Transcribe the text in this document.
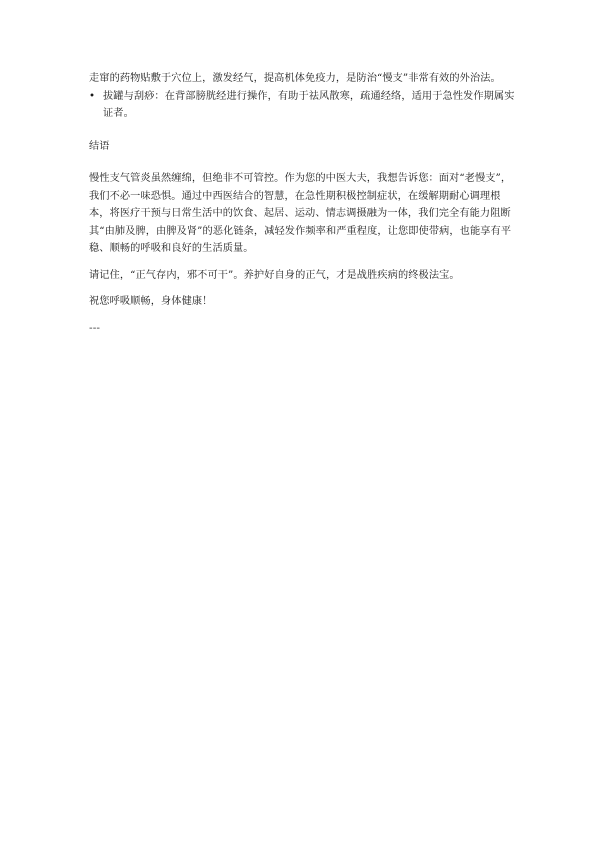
走窜的药物贴敷于穴位上，激发经气，提高机体免疫力，是防治“慢支”非常有效的外治法。

• 拔罐与刮痧：在背部膀胱经进行操作，有助于祛风散寒，疏通经络，适用于急性发作期属实证者。

结语

慢性支气管炎虽然缠绵，但绝非不可管控。作为您的中医大夫，我想告诉您：面对“老慢支”，我们不必一味恐惧。通过中西医结合的智慧，在急性期积极控制症状，在缓解期耐心调理根本，将医疗干预与日常生活中的饮食、起居、运动、情志调摄融为一体，我们完全有能力阻断其“由肺及脾，由脾及肾”的恶化链条，减轻发作频率和严重程度，让您即使带病，也能享有平稳、顺畅的呼吸和良好的生活质量。

请记住，“正气存内，邪不可干”。养护好自身的正气，才是战胜疾病的终极法宝。

祝您呼吸顺畅，身体健康！

---
